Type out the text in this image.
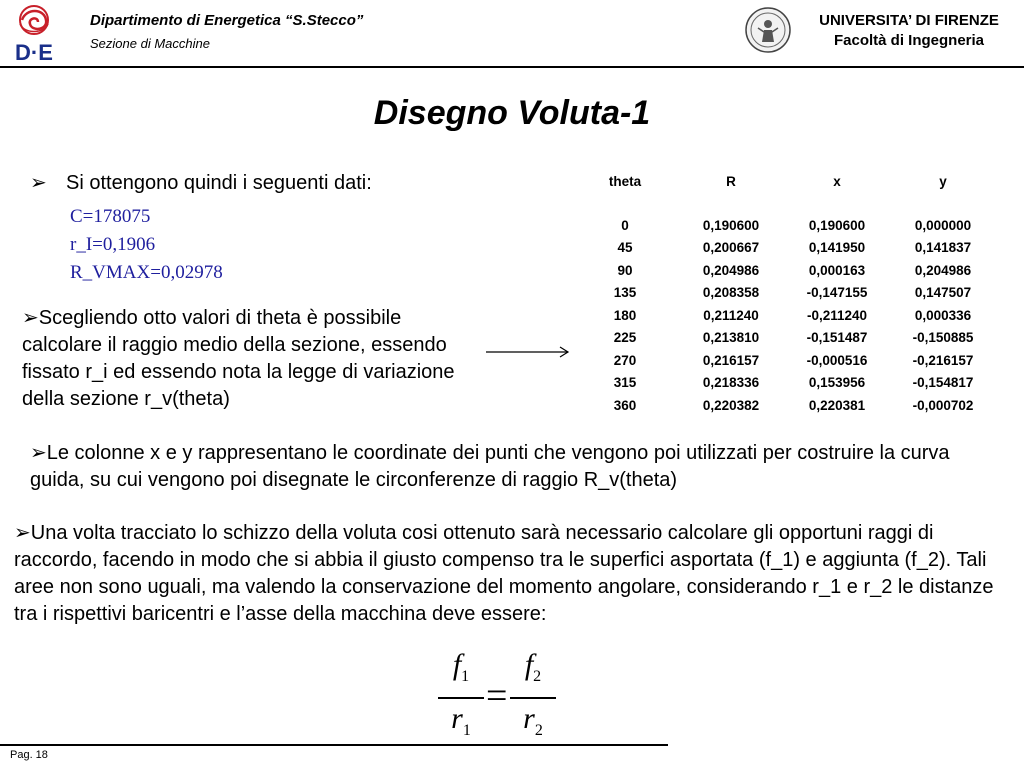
D·E
Dipartimento di Energetica “S.Stecco”
Sezione di Macchine
UNIVERSITA’ DI FIRENZE
Facoltà di Ingegneria
Disegno Voluta-1
➢ Si ottengono quindi i seguenti dati:
C=178075
r_I=0,1906
R_VMAX=0,02978
➢Scegliendo otto valori di theta è possibile calcolare il raggio medio della sezione, essendo fissato r_i ed essendo nota la legge di variazione della sezione r_v(theta)
theta	R	x	y

0	0,190600	0,190600	0,000000
45	0,200667	0,141950	0,141837
90	0,204986	0,000163	0,204986
135	0,208358	-0,147155	0,147507
180	0,211240	-0,211240	0,000336
225	0,213810	-0,151487	-0,150885
270	0,216157	-0,000516	-0,216157
315	0,218336	0,153956	-0,154817
360	0,220382	0,220381	-0,000702
➢Le colonne x e y rappresentano le coordinate dei punti che vengono poi utilizzati per costruire la curva guida, su cui vengono poi disegnate le circonferenze di raggio R_v(theta)
➢Una volta tracciato lo schizzo della voluta cosi ottenuto sarà necessario calcolare gli opportuni raggi di raccordo, facendo in modo che si abbia il giusto compenso tra le superfici asportata (f_1) e aggiunta (f_2). Tali aree non sono uguali, ma valendo la conservazione del momento angolare, considerando r_1 e r_2 le distanze tra i rispettivi baricentri e l’asse della macchina deve essere:
$f_1$
$r_1$
=
$f_2$
$r_2$
Pag. 18
